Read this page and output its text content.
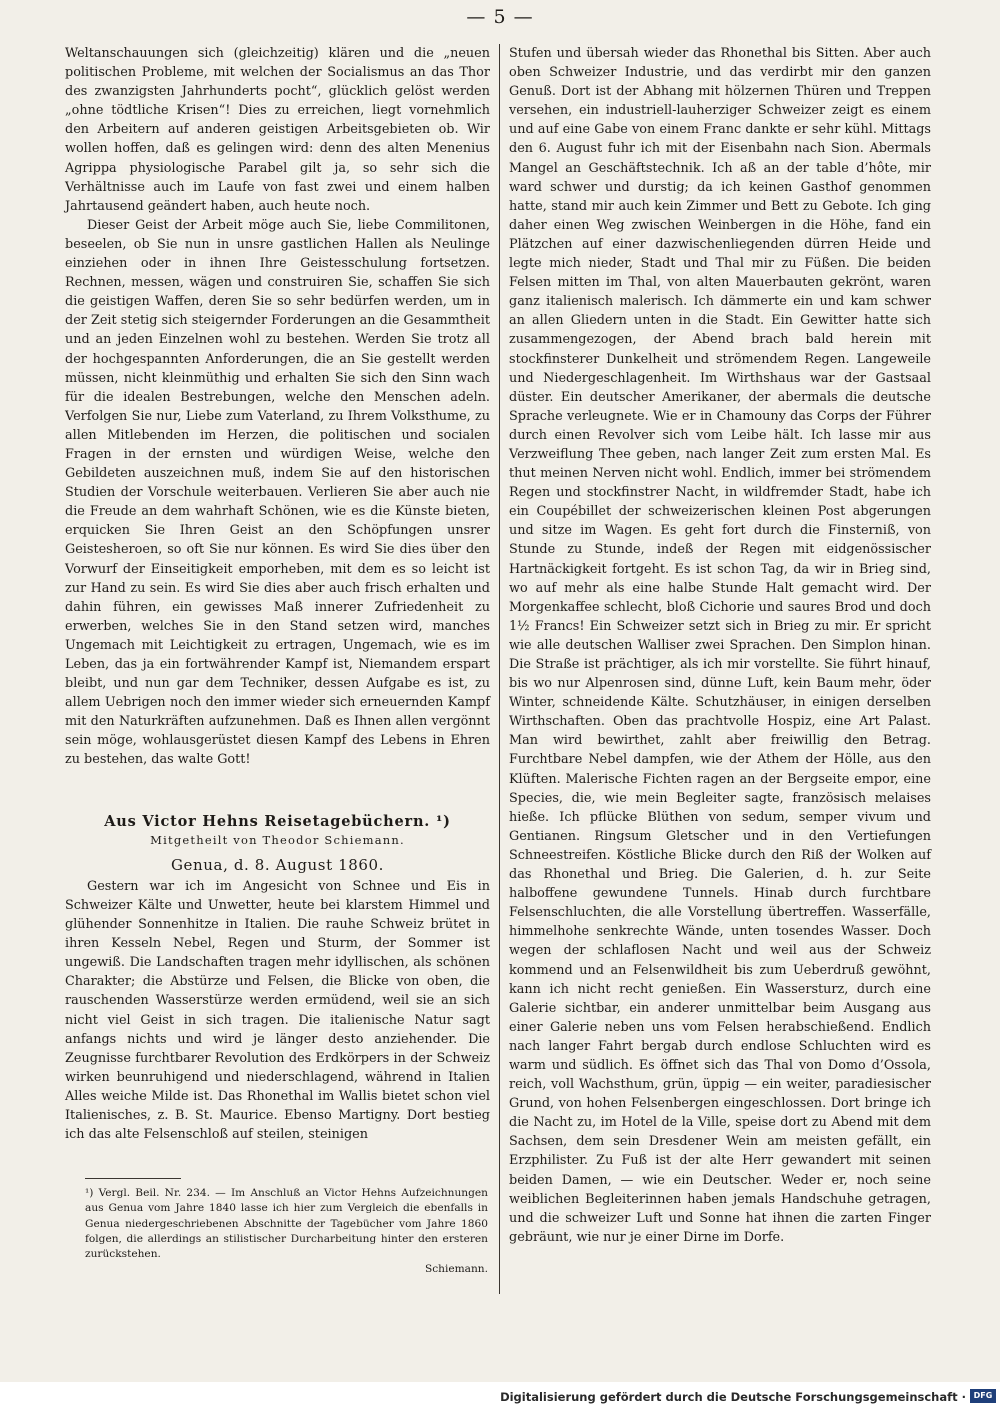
— 5 —

Weltanschauungen sich (gleichzeitig) klären und die „neuen politischen Probleme, mit welchen der Socialismus an das Thor des zwanzigsten Jahrhunderts pocht“, glücklich gelöst werden „ohne tödtliche Krisen“! Dies zu erreichen, liegt vornehmlich den Arbeitern auf anderen geistigen Arbeitsgebieten ob. Wir wollen hoffen, daß es gelingen wird: denn des alten Menenius Agrippa physiologische Parabel gilt ja, so sehr sich die Verhältnisse auch im Laufe von fast zwei und einem halben Jahrtausend geändert haben, auch heute noch.

Dieser Geist der Arbeit möge auch Sie, liebe Commilitonen, beseelen, ob Sie nun in unsre gastlichen Hallen als Neulinge einziehen oder in ihnen Ihre Geistesschulung fortsetzen. Rechnen, messen, wägen und construiren Sie, schaffen Sie sich die geistigen Waffen, deren Sie so sehr bedürfen werden, um in der Zeit stetig sich steigernder Forderungen an die Gesammtheit und an jeden Einzelnen wohl zu bestehen. Werden Sie trotz all der hochgespannten Anforderungen, die an Sie gestellt werden müssen, nicht kleinmüthig und erhalten Sie sich den Sinn wach für die idealen Bestrebungen, welche den Menschen adeln. Verfolgen Sie nur, Liebe zum Vaterland, zu Ihrem Volksthume, zu allen Mitlebenden im Herzen, die politischen und socialen Fragen in der ernsten und würdigen Weise, welche den Gebildeten auszeichnen muß, indem Sie auf den historischen Studien der Vorschule weiterbauen. Verlieren Sie aber auch nie die Freude an dem wahrhaft Schönen, wie es die Künste bieten, erquicken Sie Ihren Geist an den Schöpfungen unsrer Geistesheroen, so oft Sie nur können. Es wird Sie dies über den Vorwurf der Einseitigkeit emporheben, mit dem es so leicht ist zur Hand zu sein. Es wird Sie dies aber auch frisch erhalten und dahin führen, ein gewisses Maß innerer Zufriedenheit zu erwerben, welches Sie in den Stand setzen wird, manches Ungemach mit Leichtigkeit zu ertragen, Ungemach, wie es im Leben, das ja ein fortwährender Kampf ist, Niemandem erspart bleibt, und nun gar dem Techniker, dessen Aufgabe es ist, zu allem Uebrigen noch den immer wieder sich erneuernden Kampf mit den Naturkräften aufzunehmen. Daß es Ihnen allen vergönnt sein möge, wohlausgerüstet diesen Kampf des Lebens in Ehren zu bestehen, das walte Gott!

Aus Victor Hehns Reisetagebüchern. ¹)

Mitgetheilt von Theodor Schiemann.

Genua, d. 8. August 1860.

Gestern war ich im Angesicht von Schnee und Eis in Schweizer Kälte und Unwetter, heute bei klarstem Himmel und glühender Sonnenhitze in Italien. Die rauhe Schweiz brütet in ihren Kesseln Nebel, Regen und Sturm, der Sommer ist ungewiß. Die Landschaften tragen mehr idyllischen, als schönen Charakter; die Abstürze und Felsen, die Blicke von oben, die rauschenden Wasserstürze werden ermüdend, weil sie an sich nicht viel Geist in sich tragen. Die italienische Natur sagt anfangs nichts und wird je länger desto anziehender. Die Zeugnisse furchtbarer Revolution des Erdkörpers in der Schweiz wirken beunruhigend und niederschlagend, während in Italien Alles weiche Milde ist. Das Rhonethal im Wallis bietet schon viel Italienisches, z. B. St. Maurice. Ebenso Martigny. Dort bestieg ich das alte Felsenschloß auf steilen, steinigen

Stufen und übersah wieder das Rhonethal bis Sitten. Aber auch oben Schweizer Industrie, und das verdirbt mir den ganzen Genuß. Dort ist der Abhang mit hölzernen Thüren und Treppen versehen, ein industriell-lauherziger Schweizer zeigt es einem und auf eine Gabe von einem Franc dankte er sehr kühl. Mittags den 6. August fuhr ich mit der Eisenbahn nach Sion. Abermals Mangel an Geschäftstechnik. Ich aß an der table d’hôte, mir ward schwer und durstig; da ich keinen Gasthof genommen hatte, stand mir auch kein Zimmer und Bett zu Gebote. Ich ging daher einen Weg zwischen Weinbergen in die Höhe, fand ein Plätzchen auf einer dazwischenliegenden dürren Heide und legte mich nieder, Stadt und Thal mir zu Füßen. Die beiden Felsen mitten im Thal, von alten Mauerbauten gekrönt, waren ganz italienisch malerisch. Ich dämmerte ein und kam schwer an allen Gliedern unten in die Stadt. Ein Gewitter hatte sich zusammengezogen, der Abend brach bald herein mit stockfinsterer Dunkelheit und strömendem Regen. Langeweile und Niedergeschlagenheit. Im Wirthshaus war der Gastsaal düster. Ein deutscher Amerikaner, der abermals die deutsche Sprache verleugnete. Wie er in Chamouny das Corps der Führer durch einen Revolver sich vom Leibe hält. Ich lasse mir aus Verzweiflung Thee geben, nach langer Zeit zum ersten Mal. Es thut meinen Nerven nicht wohl. Endlich, immer bei strömendem Regen und stockfinstrer Nacht, in wildfremder Stadt, habe ich ein Coupébillet der schweizerischen kleinen Post abgerungen und sitze im Wagen. Es geht fort durch die Finsterniß, von Stunde zu Stunde, indeß der Regen mit eidgenössischer Hartnäckigkeit fortgeht. Es ist schon Tag, da wir in Brieg sind, wo auf mehr als eine halbe Stunde Halt gemacht wird. Der Morgenkaffee schlecht, bloß Cichorie und saures Brod und doch 1½ Francs! Ein Schweizer setzt sich in Brieg zu mir. Er spricht wie alle deutschen Walliser zwei Sprachen. Den Simplon hinan. Die Straße ist prächtiger, als ich mir vorstellte. Sie führt hinauf, bis wo nur Alpenrosen sind, dünne Luft, kein Baum mehr, öder Winter, schneidende Kälte. Schutzhäuser, in einigen derselben Wirthschaften. Oben das prachtvolle Hospiz, eine Art Palast. Man wird bewirthet, zahlt aber freiwillig den Betrag. Furchtbare Nebel dampfen, wie der Athem der Hölle, aus den Klüften. Malerische Fichten ragen an der Bergseite empor, eine Species, die, wie mein Begleiter sagte, französisch melaises hieße. Ich pflücke Blüthen von sedum, semper vivum und Gentianen. Ringsum Gletscher und in den Vertiefungen Schneestreifen. Köstliche Blicke durch den Riß der Wolken auf das Rhonethal und Brieg. Die Galerien, d. h. zur Seite halboffene gewundene Tunnels. Hinab durch furchtbare Felsenschluchten, die alle Vorstellung übertreffen. Wasserfälle, himmelhohe senkrechte Wände, unten tosendes Wasser. Doch wegen der schlaflosen Nacht und weil aus der Schweiz kommend und an Felsenwildheit bis zum Ueberdruß gewöhnt, kann ich nicht recht genießen. Ein Wassersturz, durch eine Galerie sichtbar, ein anderer unmittelbar beim Ausgang aus einer Galerie neben uns vom Felsen herabschießend. Endlich nach langer Fahrt bergab durch endlose Schluchten wird es warm und südlich. Es öffnet sich das Thal von Domo d’Ossola, reich, voll Wachsthum, grün, üppig — ein weiter, paradiesischer Grund, von hohen Felsenbergen eingeschlossen. Dort bringe ich die Nacht zu, im Hotel de la Ville, speise dort zu Abend mit dem Sachsen, dem sein Dresdener Wein am meisten gefällt, ein Erzphilister. Zu Fuß ist der alte Herr gewandert mit seinen beiden Damen, — wie ein Deutscher. Weder er, noch seine weiblichen Begleiterinnen haben jemals Handschuhe getragen, und die schweizer Luft und Sonne hat ihnen die zarten Finger gebräunt, wie nur je einer Dirne im Dorfe.

¹) Vergl. Beil. Nr. 234. — Im Anschluß an Victor Hehns Aufzeichnungen aus Genua vom Jahre 1840 lasse ich hier zum Vergleich die ebenfalls in Genua niedergeschriebenen Abschnitte der Tagebücher vom Jahre 1860 folgen, die allerdings an stilistischer Durcharbeitung hinter den ersteren zurückstehen.
Schiemann.
Digitalisierung gefördert durch die Deutsche Forschungsgemeinschaft · DFG
